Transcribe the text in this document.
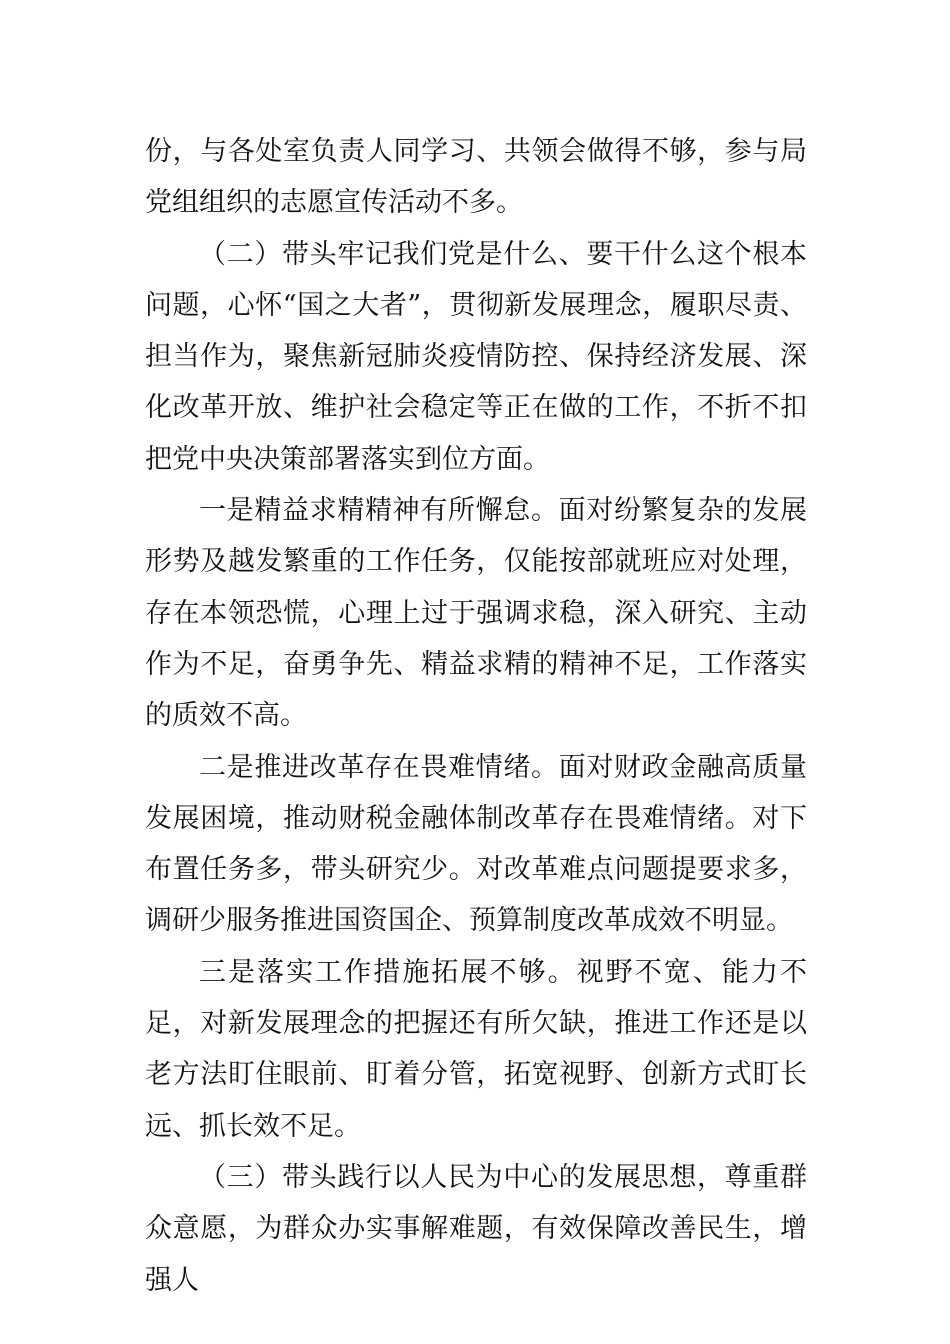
份，与各处室负责人同学习、共领会做得不够，参与局党组组织的志愿宣传活动不多。

（二）带头牢记我们党是什么、要干什么这个根本问题，心怀“国之大者”，贯彻新发展理念，履职尽责、担当作为，聚焦新冠肺炎疫情防控、保持经济发展、深化改革开放、维护社会稳定等正在做的工作，不折不扣把党中央决策部署落实到位方面。

一是精益求精精神有所懈怠。面对纷繁复杂的发展形势及越发繁重的工作任务，仅能按部就班应对处理，存在本领恐慌，心理上过于强调求稳，深入研究、主动作为不足，奋勇争先、精益求精的精神不足，工作落实的质效不高。

二是推进改革存在畏难情绪。面对财政金融高质量发展困境，推动财税金融体制改革存在畏难情绪。对下布置任务多，带头研究少。对改革难点问题提要求多，调研少服务推进国资国企、预算制度改革成效不明显。

三是落实工作措施拓展不够。视野不宽、能力不足，对新发展理念的把握还有所欠缺，推进工作还是以老方法盯住眼前、盯着分管，拓宽视野、创新方式盯长远、抓长效不足。

（三）带头践行以人民为中心的发展思想，尊重群众意愿，为群众办实事解难题，有效保障改善民生，增强人
